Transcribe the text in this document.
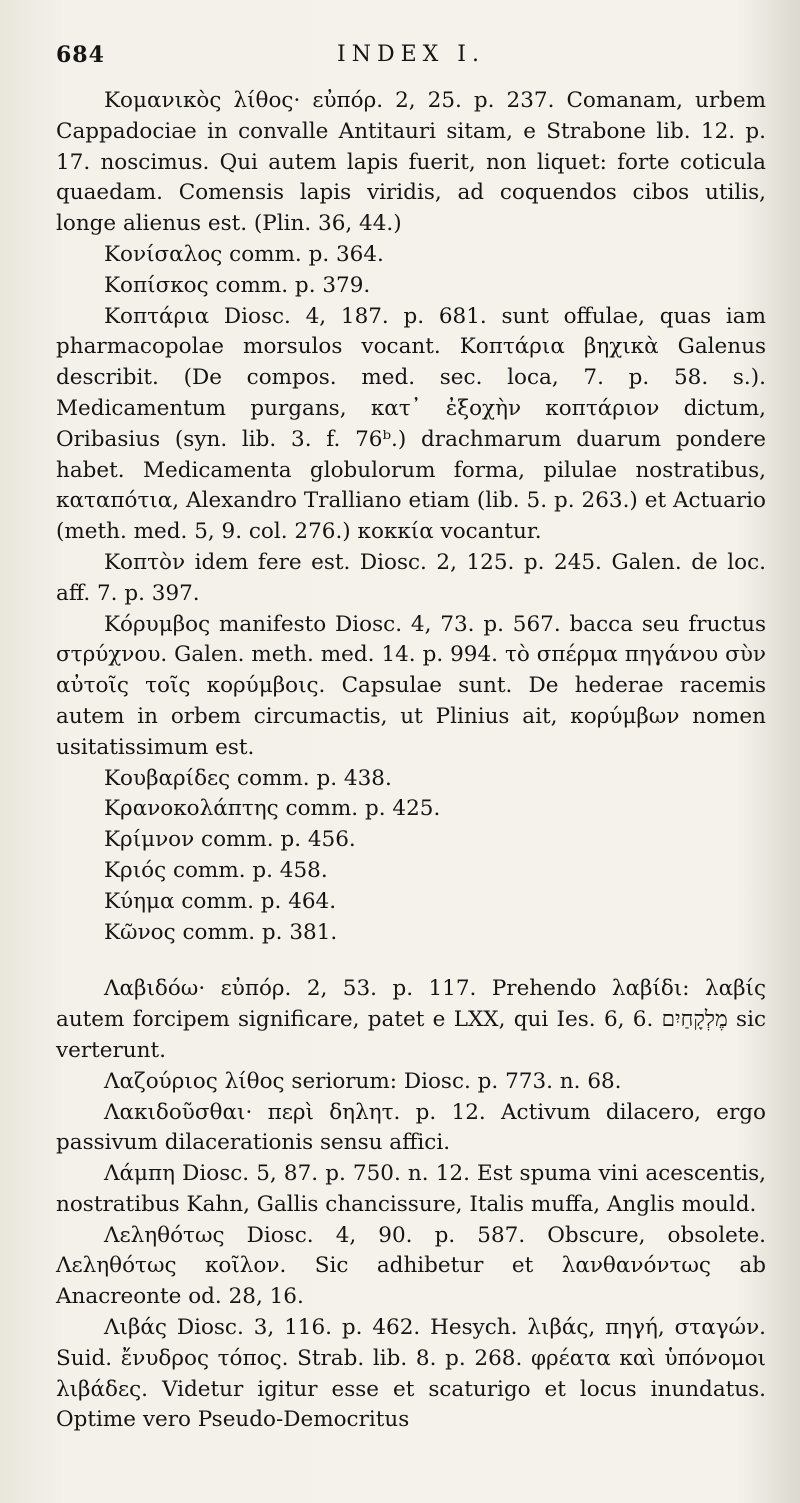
684	INDEX I.

Κομανικὸς λίθος· εὐπόρ. 2, 25. p. 237. Comanam, urbem Cappadociae in convalle Antitauri sitam, e Strabone lib. 12. p. 17. noscimus. Qui autem lapis fuerit, non liquet: forte coticula quaedam. Comensis lapis viridis, ad coquendos cibos utilis, longe alienus est. (Plin. 36, 44.)

Κονίσαλος comm. p. 364.

Κοπίσκος comm. p. 379.

Κοπτάρια Diosc. 4, 187. p. 681. sunt offulae, quas iam pharmacopolae morsulos vocant. Κοπτάρια βηχικὰ Galenus describit. (De compos. med. sec. loca, 7. p. 58. s.). Medicamentum purgans, κατ᾽ ἐξοχὴν κοπτάριον dictum, Oribasius (syn. lib. 3. f. 76ᵇ.) drachmarum duarum pondere habet. Medicamenta globulorum forma, pilulae nostratibus, καταπότια, Alexandro Tralliano etiam (lib. 5. p. 263.) et Actuario (meth. med. 5, 9. col. 276.) κοκκία vocantur.

Κοπτὸν idem fere est. Diosc. 2, 125. p. 245. Galen. de loc. aff. 7. p. 397.

Κόρυμβος manifesto Diosc. 4, 73. p. 567. bacca seu fructus στρύχνου. Galen. meth. med. 14. p. 994. τὸ σπέρμα πηγάνου σὺν αὐτοῖς τοῖς κορύμβοις. Capsulae sunt. De hederae racemis autem in orbem circumactis, ut Plinius ait, κορύμβων nomen usitatissimum est.

Κουβαρίδες comm. p. 438.

Κρανοκολάπτης comm. p. 425.

Κρίμνον comm. p. 456.

Κριός comm. p. 458.

Κύημα comm. p. 464.

Κῶνος comm. p. 381.

Λαβιδόω· εὐπόρ. 2, 53. p. 117. Prehendo λαβίδι: λαβίς autem forcipem significare, patet e LXX, qui Ies. 6, 6. מֶלְקָחַיִם sic verterunt.

Λαζούριος λίθος seriorum: Diosc. p. 773. n. 68.

Λακιδοῦσθαι· περὶ δηλητ. p. 12. Activum dilacero, ergo passivum dilacerationis sensu affici.

Λάμπη Diosc. 5, 87. p. 750. n. 12. Est spuma vini acescentis, nostratibus Kahn, Gallis chancissure, Italis muffa, Anglis mould.

Λεληθότως Diosc. 4, 90. p. 587. Obscure, obsolete. Λεληθότως κοῖλον. Sic adhibetur et λανθανόντως ab Anacreonte od. 28, 16.

Λιβάς Diosc. 3, 116. p. 462. Hesych. λιβάς, πηγή, σταγών. Suid. ἔνυδρος τόπος. Strab. lib. 8. p. 268. φρέατα καὶ ὑπόνομοι λιβάδες. Videtur igitur esse et scaturigo et locus inundatus. Optime vero Pseudo-Democritus
